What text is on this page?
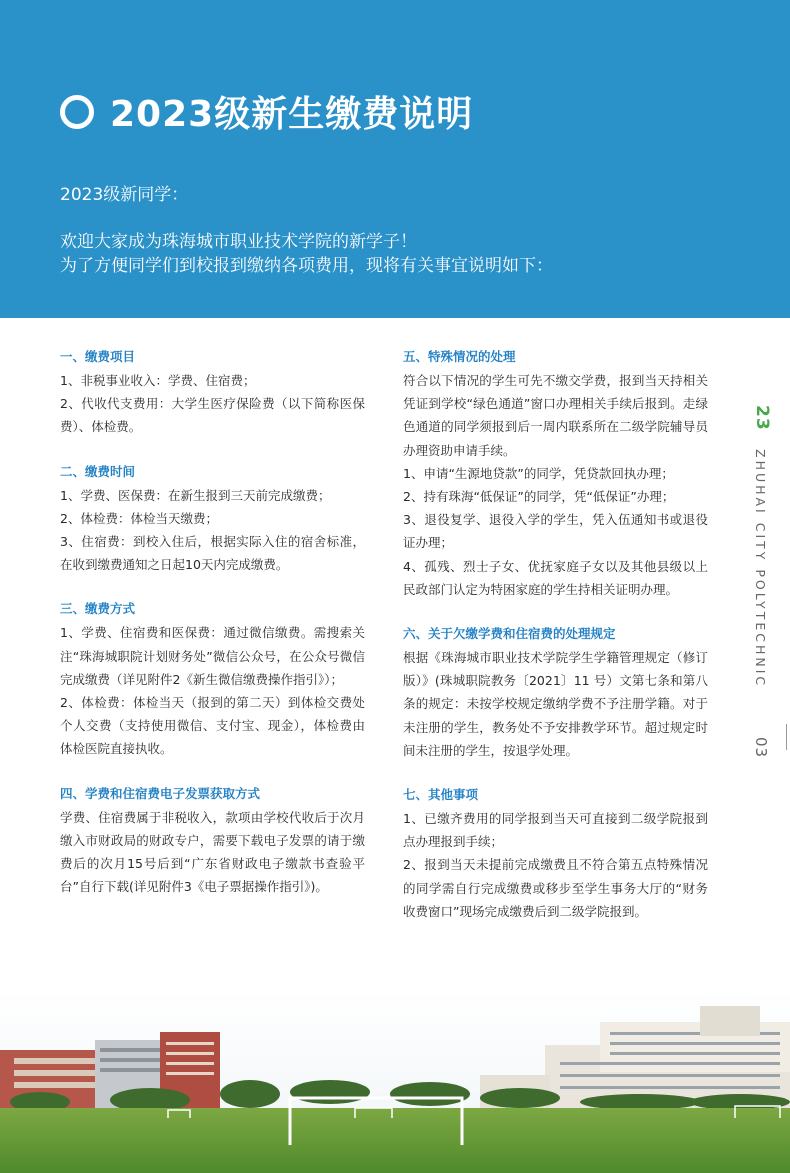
2023级新生缴费说明
2023级新同学：
欢迎大家成为珠海城市职业技术学院的新学子！
为了方便同学们到校报到缴纳各项费用，现将有关事宜说明如下：
一、缴费项目

1、非税事业收入：学费、住宿费；

2、代收代支费用：大学生医疗保险费（以下简称医保费）、体检费。

二、缴费时间

1、学费、医保费：在新生报到三天前完成缴费；

2、体检费：体检当天缴费；

3、住宿费：到校入住后，根据实际入住的宿舍标准，在收到缴费通知之日起10天内完成缴费。

三、缴费方式

1、学费、住宿费和医保费：通过微信缴费。需搜索关注“珠海城职院计划财务处”微信公众号，在公众号微信完成缴费（详见附件2《新生微信缴费操作指引》）；

2、体检费：体检当天（报到的第二天）到体检交费处个人交费（支持使用微信、支付宝、现金），体检费由体检医院直接执收。

四、学费和住宿费电子发票获取方式

学费、住宿费属于非税收入，款项由学校代收后于次月缴入市财政局的财政专户，需要下载电子发票的请于缴费后的次月15号后到“广东省财政电子缴款书查验平台”自行下载(详见附件3《电子票据操作指引》)。

五、特殊情况的处理

符合以下情况的学生可先不缴交学费，报到当天持相关凭证到学校“绿色通道”窗口办理相关手续后报到。走绿色通道的同学须报到后一周内联系所在二级学院辅导员办理资助申请手续。

1、申请“生源地贷款”的同学，凭贷款回执办理；

2、持有珠海“低保证”的同学，凭“低保证”办理；

3、退役复学、退役入学的学生，凭入伍通知书或退役证办理；

4、孤残、烈士子女、优抚家庭子女以及其他县级以上民政部门认定为特困家庭的学生持相关证明办理。

六、关于欠缴学费和住宿费的处理规定

根据《珠海城市职业技术学院学生学籍管理规定（修订版）》(珠城职院教务〔2021〕11 号）文第七条和第八条的规定：未按学校规定缴纳学费不予注册学籍。对于未注册的学生，教务处不予安排教学环节。超过规定时间未注册的学生，按退学处理。

七、其他事项

1、已缴齐费用的同学报到当天可直接到二级学院报到点办理报到手续；

2、报到当天未提前完成缴费且不符合第五点特殊情况的同学需自行完成缴费或移步至学生事务大厅的“财务收费窗口”现场完成缴费后到二级学院报到。

23
ZHUHAI CITY POLYTECHNIC
03
